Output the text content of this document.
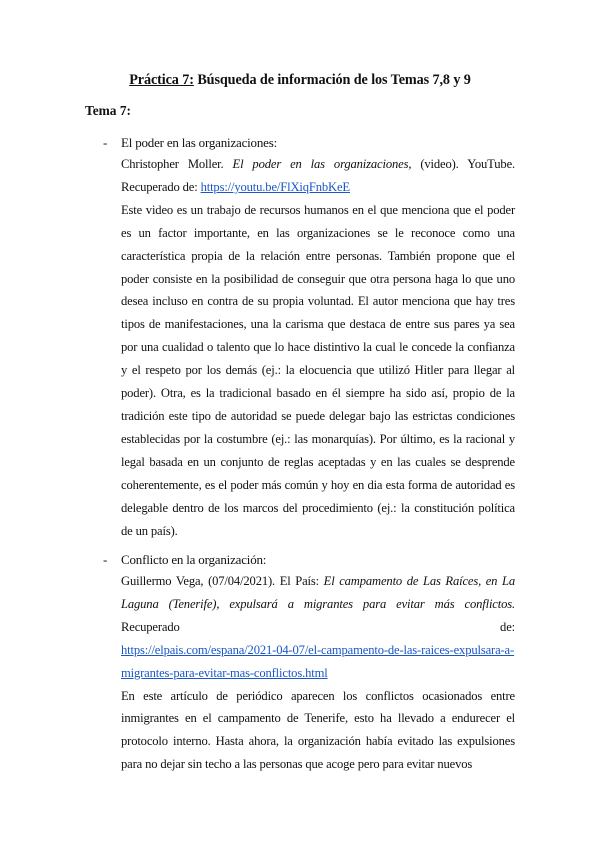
Práctica 7: Búsqueda de información de los Temas 7,8 y 9
Tema 7:
- El poder en las organizaciones:

Christopher Moller. El poder en las organizaciones, (video). YouTube.

Recuperado de: https://youtu.be/FlXiqFnbKeE

Este video es un trabajo de recursos humanos en el que menciona que el poder es un factor importante, en las organizaciones se le reconoce como una característica propia de la relación entre personas. También propone que el poder consiste en la posibilidad de conseguir que otra persona haga lo que uno desea incluso en contra de su propia voluntad. El autor menciona que hay tres tipos de manifestaciones, una la carisma que destaca de entre sus pares ya sea por una cualidad o talento que lo hace distintivo la cual le concede la confianza y el respeto por los demás (ej.: la elocuencia que utilizó Hitler para llegar al poder). Otra, es la tradicional basado en él siempre ha sido así, propio de la tradición este tipo de autoridad se puede delegar bajo las estrictas condiciones establecidas por la costumbre (ej.: las monarquías). Por último, es la racional y legal basada en un conjunto de reglas aceptadas y en las cuales se desprende coherentemente, es el poder más común y hoy en dia esta forma de autoridad es delegable dentro de los marcos del procedimiento (ej.: la constitución política de un país).

- Conflicto en la organización:

Guillermo Vega, (07/04/2021). El País: El campamento de Las Raíces, en La Laguna (Tenerife), expulsará a migrantes para evitar más conflictos. Recuperado de:

https://elpais.com/espana/2021-04-07/el-campamento-de-las-raices-expulsara-a-migrantes-para-evitar-mas-conflictos.html

En este artículo de periódico aparecen los conflictos ocasionados entre inmigrantes en el campamento de Tenerife, esto ha llevado a endurecer el protocolo interno. Hasta ahora, la organización había evitado las expulsiones para no dejar sin techo a las personas que acoge pero para evitar nuevos
